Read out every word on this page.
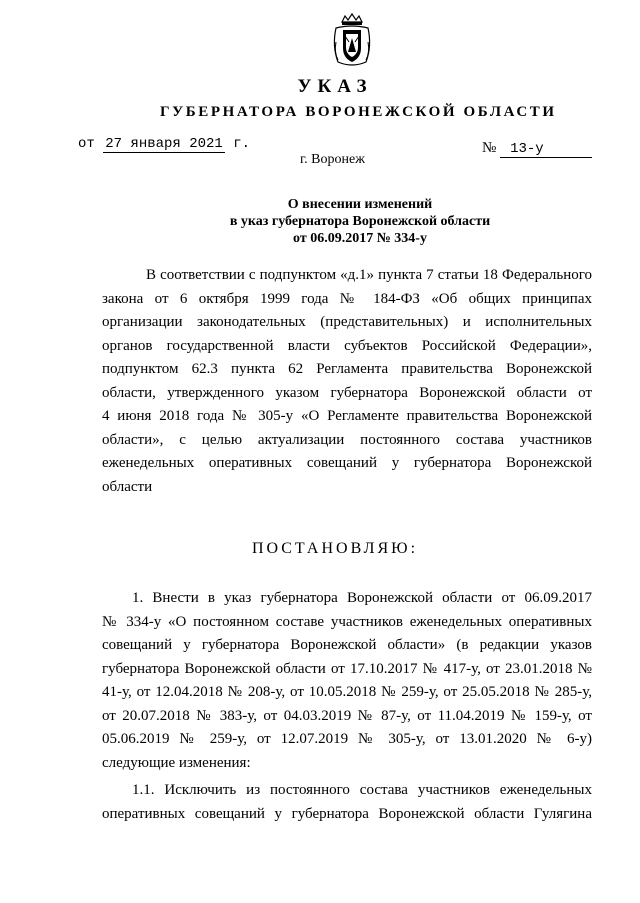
УКАЗ
ГУБЕРНАТОРА ВОРОНЕЖСКОЙ ОБЛАСТИ
от 27 января 2021 г.	№ 13-у
г. Воронеж
О внесении изменений
в указ губернатора Воронежской области
от 06.09.2017 № 334-у
В соответствии с подпунктом «д.1» пункта 7 статьи 18 Федерального
закона от 6 октября 1999 года № 184-ФЗ «Об общих принципах
организации законодательных (представительных) и исполнительных
органов государственной власти субъектов Российской Федерации»,
подпунктом 62.3 пункта 62 Регламента правительства Воронежской
области, утвержденного указом губернатора Воронежской области от
4 июня 2018 года № 305-у «О Регламенте правительства Воронежской
области», с целью актуализации постоянного состава участников
еженедельных оперативных совещаний у губернатора Воронежской
области
ПОСТАНОВЛЯЮ:
1. Внести в указ губернатора Воронежской области от 06.09.2017
№ 334-у «О постоянном составе участников еженедельных оперативных
совещаний у губернатора Воронежской области» (в редакции указов
губернатора Воронежской области от 17.10.2017 № 417-у, от 23.01.2018 №
41-у, от 12.04.2018 № 208-у, от 10.05.2018 № 259-у, от 25.05.2018 № 285-у,
от 20.07.2018 № 383-у, от 04.03.2019 № 87-у, от 11.04.2019 № 159-у, от
05.06.2019 № 259-у, от 12.07.2019 № 305-у, от 13.01.2020 № 6-у)
следующие изменения:
1.1. Исключить из постоянного состава участников еженедельных
оперативных совещаний у губернатора Воронежской области Гулягина
